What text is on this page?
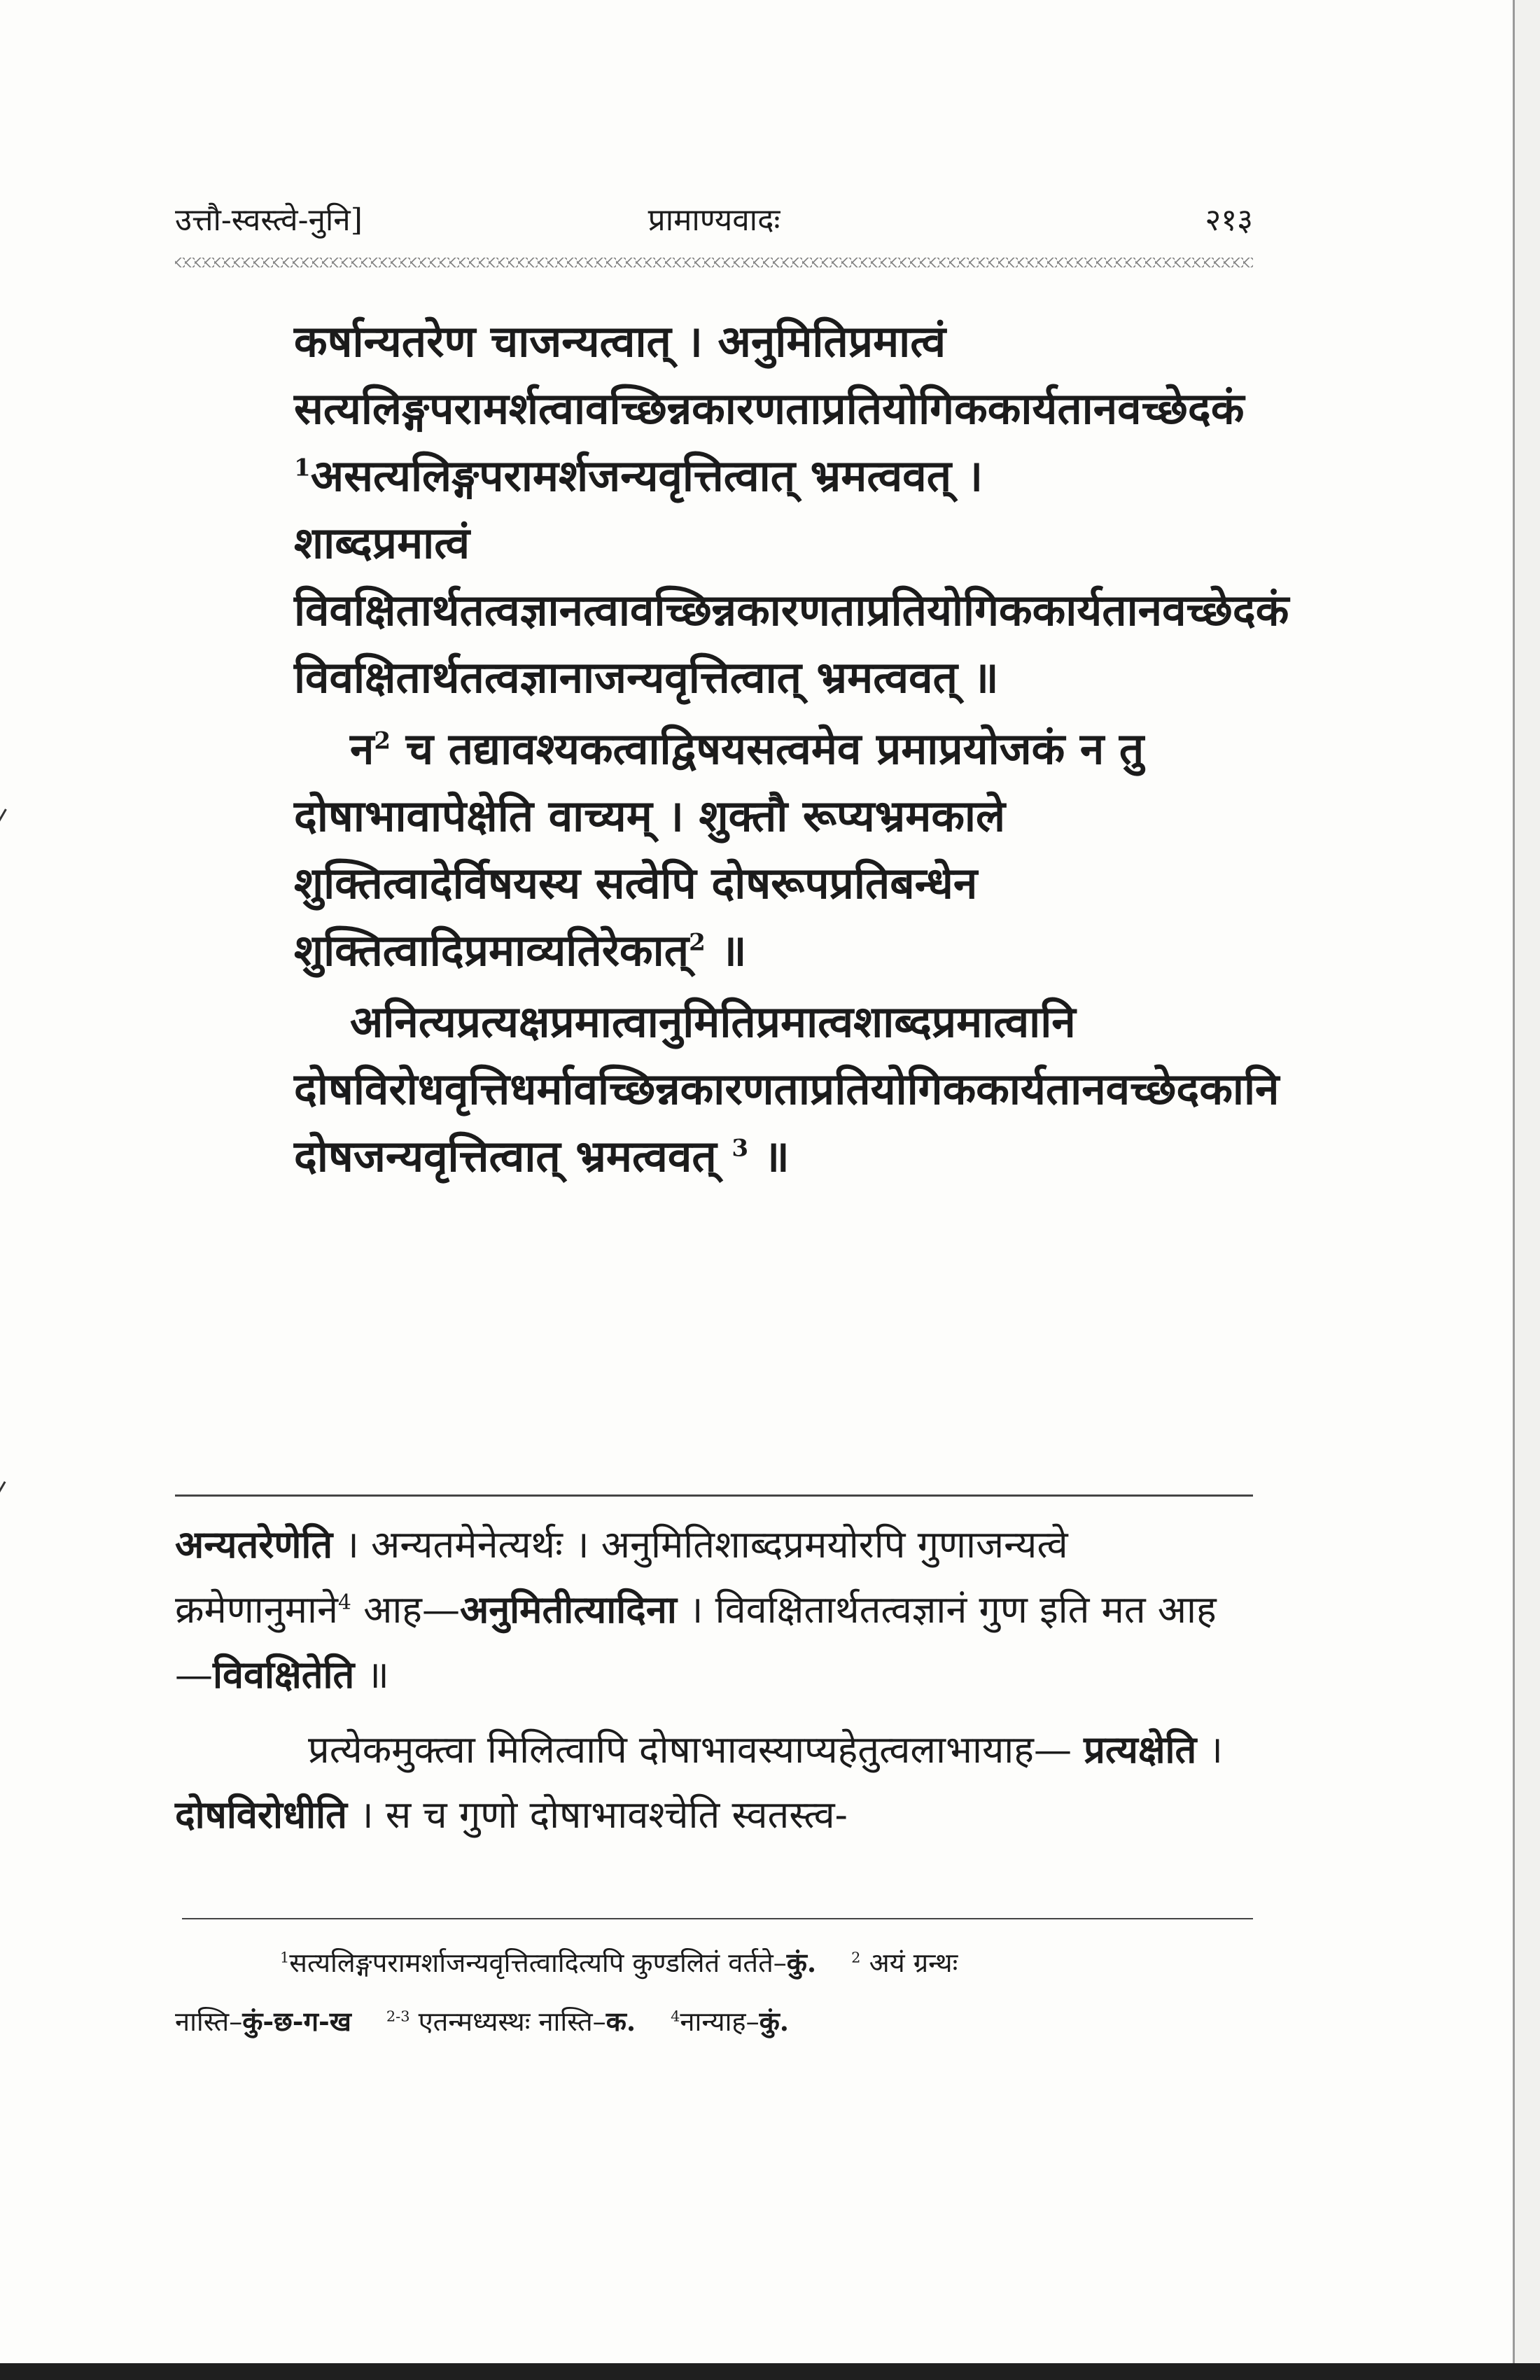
उत्तौ-स्वस्त्वे-नुनि]	प्रामाण्यवादः	२१३

कर्षान्यतरेण चाजन्यत्वात् । अनुमितिप्रमात्वं सत्यलिङ्गपरामर्शत्वावच्छिन्नकारणताप्रतियोगिककार्यतानवच्छेदकं $^1$असत्यलिङ्गपरामर्शजन्यवृत्तित्वात् भ्रमत्ववत् । शाब्दप्रमात्वं विवक्षितार्थतत्वज्ञानत्वावच्छिन्नकारणताप्रतियोगिककार्यतानवच्छेदकं विवक्षितार्थतत्वज्ञानाजन्यवृत्तित्वात् भ्रमत्ववत् ॥

न$^2$ च तद्यावश्यकत्वाद्विषयसत्वमेव प्रमाप्रयोजकं न तु दोषाभावापेक्षेति वाच्यम् । शुक्तौ रूप्यभ्रमकाले शुक्तित्वादेर्विषयस्य सत्वेपि दोषरूपप्रतिबन्धेन शुक्तित्वादिप्रमाव्यतिरेकात्$^2$ ॥

अनित्यप्रत्यक्षप्रमात्वानुमितिप्रमात्वशाब्दप्रमात्वानि दोषविरोधवृत्तिधर्मावच्छिन्नकारणताप्रतियोगिककार्यतानवच्छेदकानि दोषजन्यवृत्तित्वात् भ्रमत्ववत् $^3$ ॥

अन्यतरेणेति । अन्यतमेनेत्यर्थः । अनुमितिशाब्दप्रमयोरपि गुणाजन्यत्वे क्रमेणानुमाने$^4$ आह—अनुमितीत्यादिना । विवक्षितार्थतत्वज्ञानं गुण इति मत आह—विवक्षितेति ॥

प्रत्येकमुक्त्वा मिलित्वापि दोषाभावस्याप्यहेतुत्वलाभायाह— प्रत्यक्षेति । दोषविरोधीति । स च गुणो दोषाभावश्चेति स्वतस्त्व-

$^1$सत्यलिङ्गपरामर्शाजन्यवृत्तित्वादित्यपि कुण्डलितं वर्तते–कुं. $^2$ अयं ग्रन्थः

नास्ति–कुं-छ-ग-ख $^{2-3}$ एतन्मध्यस्थः नास्ति–क. $^4$नान्याह–कुं.
